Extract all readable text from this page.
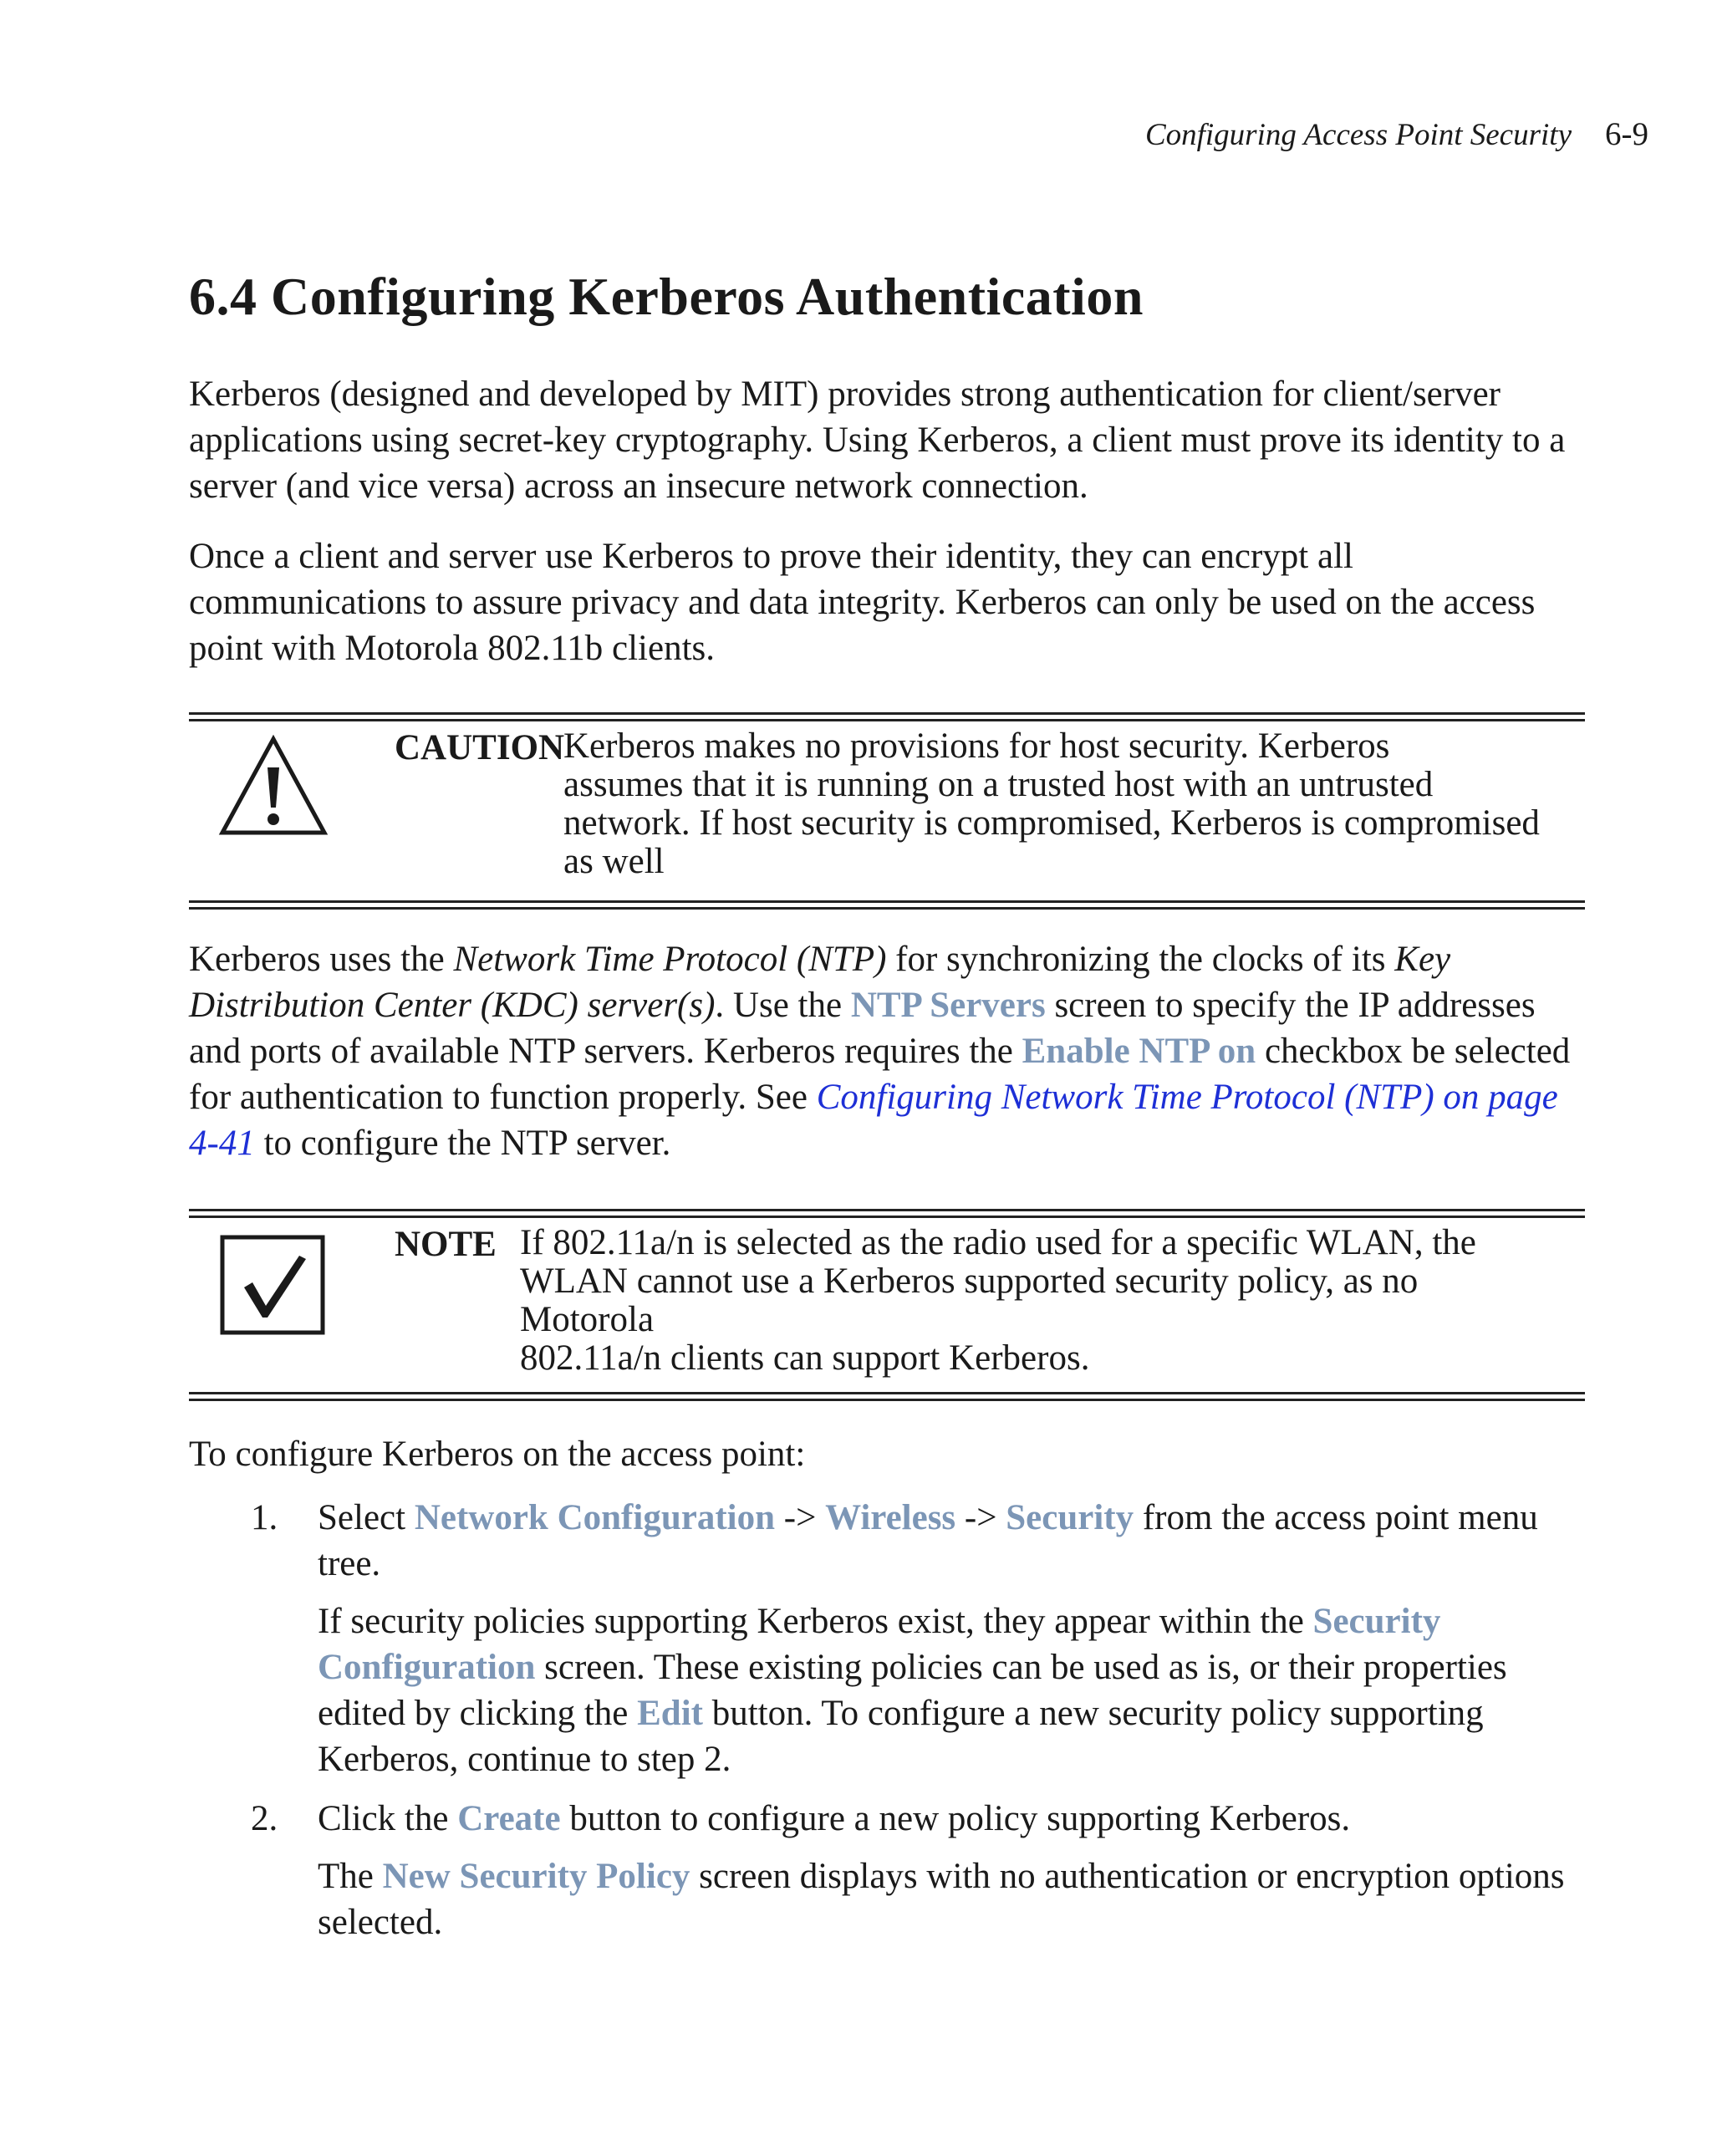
Configuring Access Point Security 6-9
6.4 Configuring Kerberos Authentication

Kerberos (designed and developed by MIT) provides strong authentication for client/server applications using secret-key cryptography. Using Kerberos, a client must prove its identity to a server (and vice versa) across an insecure network connection.

Once a client and server use Kerberos to prove their identity, they can encrypt all communications to assure privacy and data integrity. Kerberos can only be used on the access point with Motorola 802.11b clients.

CAUTION
Kerberos makes no provisions for host security. Kerberos
assumes that it is running on a trusted host with an untrusted network. If host security is compromised, Kerberos is compromised as well

Kerberos uses the Network Time Protocol (NTP) for synchronizing the clocks of its Key Distribution Center (KDC) server(s). Use the NTP Servers screen to specify the IP addresses and ports of available NTP servers. Kerberos requires the Enable NTP on checkbox be selected for authentication to function properly. See Configuring Network Time Protocol (NTP) on page 4-41 to configure the NTP server.

NOTE If 802.11a/n is selected as the radio used for a specific WLAN, the WLAN cannot use a Kerberos supported security policy, as no Motorola
802.11a/n clients can support Kerberos.

To configure Kerberos on the access point:

1. Select Network Configuration -> Wireless -> Security from the access point menu tree.

If security policies supporting Kerberos exist, they appear within the Security Configuration screen. These existing policies can be used as is, or their properties edited by clicking the Edit button. To configure a new security policy supporting Kerberos, continue to step 2.

2. Click the Create button to configure a new policy supporting Kerberos.

The New Security Policy screen displays with no authentication or encryption options selected.
